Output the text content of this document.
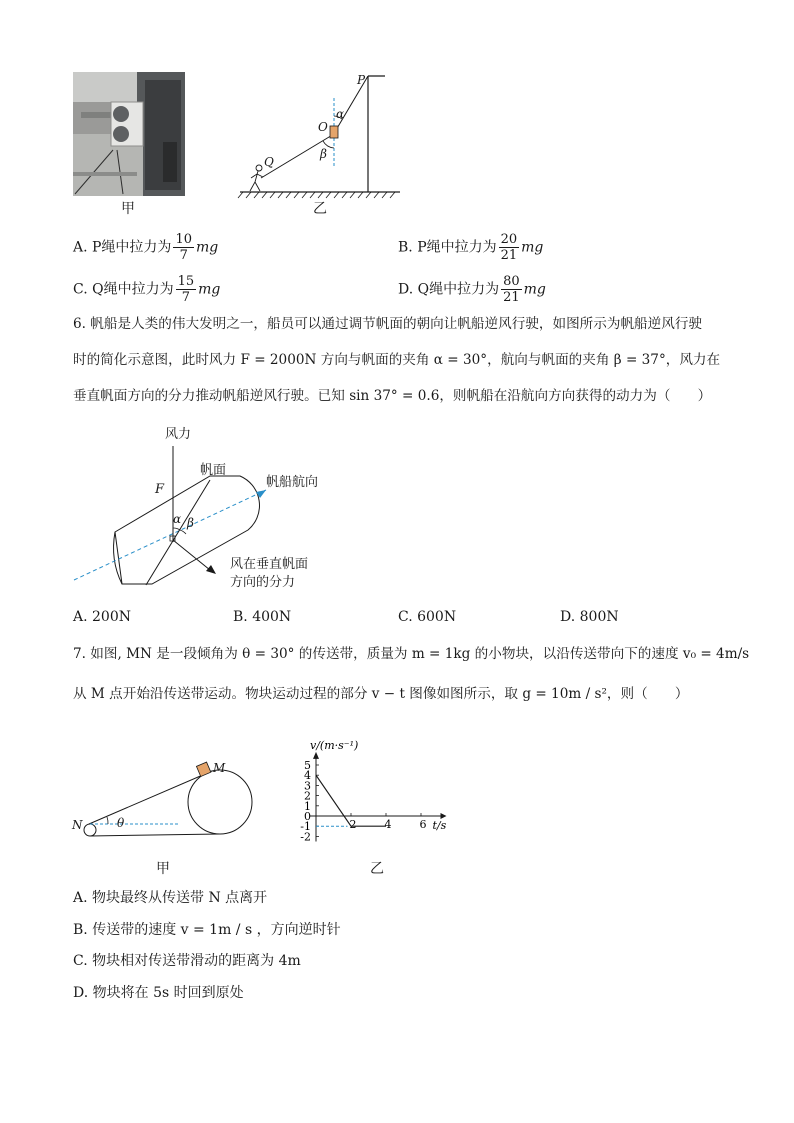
甲
P
O
Q
α
β
乙
A. P绳中拉力为 $\frac{10}{7}$ mg	B. P绳中拉力为 $\frac{20}{21}$ mg
C. Q绳中拉力为 $\frac{15}{7}$ mg	D. Q绳中拉力为 $\frac{80}{21}$ mg
6. 帆船是人类的伟大发明之一，船员可以通过调节帆面的朝向让帆船逆风行驶，如图所示为帆船逆风行驶
时的简化示意图，此时风力 F = 2000N 方向与帆面的夹角 α = 30°，航向与帆面的夹角 β = 37°，风力在
垂直帆面方向的分力推动帆船逆风行驶。已知 sin 37° = 0.6，则帆船在沿航向方向获得的动力为（　　）
风力
帆面
帆船航向
F
α β
风在垂直帆面
方向的分力
A. 200N	B. 400N	C. 600N	D. 800N
7. 如图, MN 是一段倾角为 θ = 30° 的传送带，质量为 m = 1kg 的小物块，以沿传送带向下的速度 v₀ = 4m/s
从 M 点开始沿传送带运动。物块运动过程的部分 v − t 图像如图所示，取 g = 10m / s²，则（　　）
M
N	θ
甲
v/(m·s⁻¹)
t/s
5
4
3
2
1
0
-1
-2
2	4	6
乙
A. 物块最终从传送带 N 点离开
B. 传送带的速度 v = 1m / s ，方向逆时针
C. 物块相对传送带滑动的距离为 4m
D. 物块将在 5s 时回到原处
